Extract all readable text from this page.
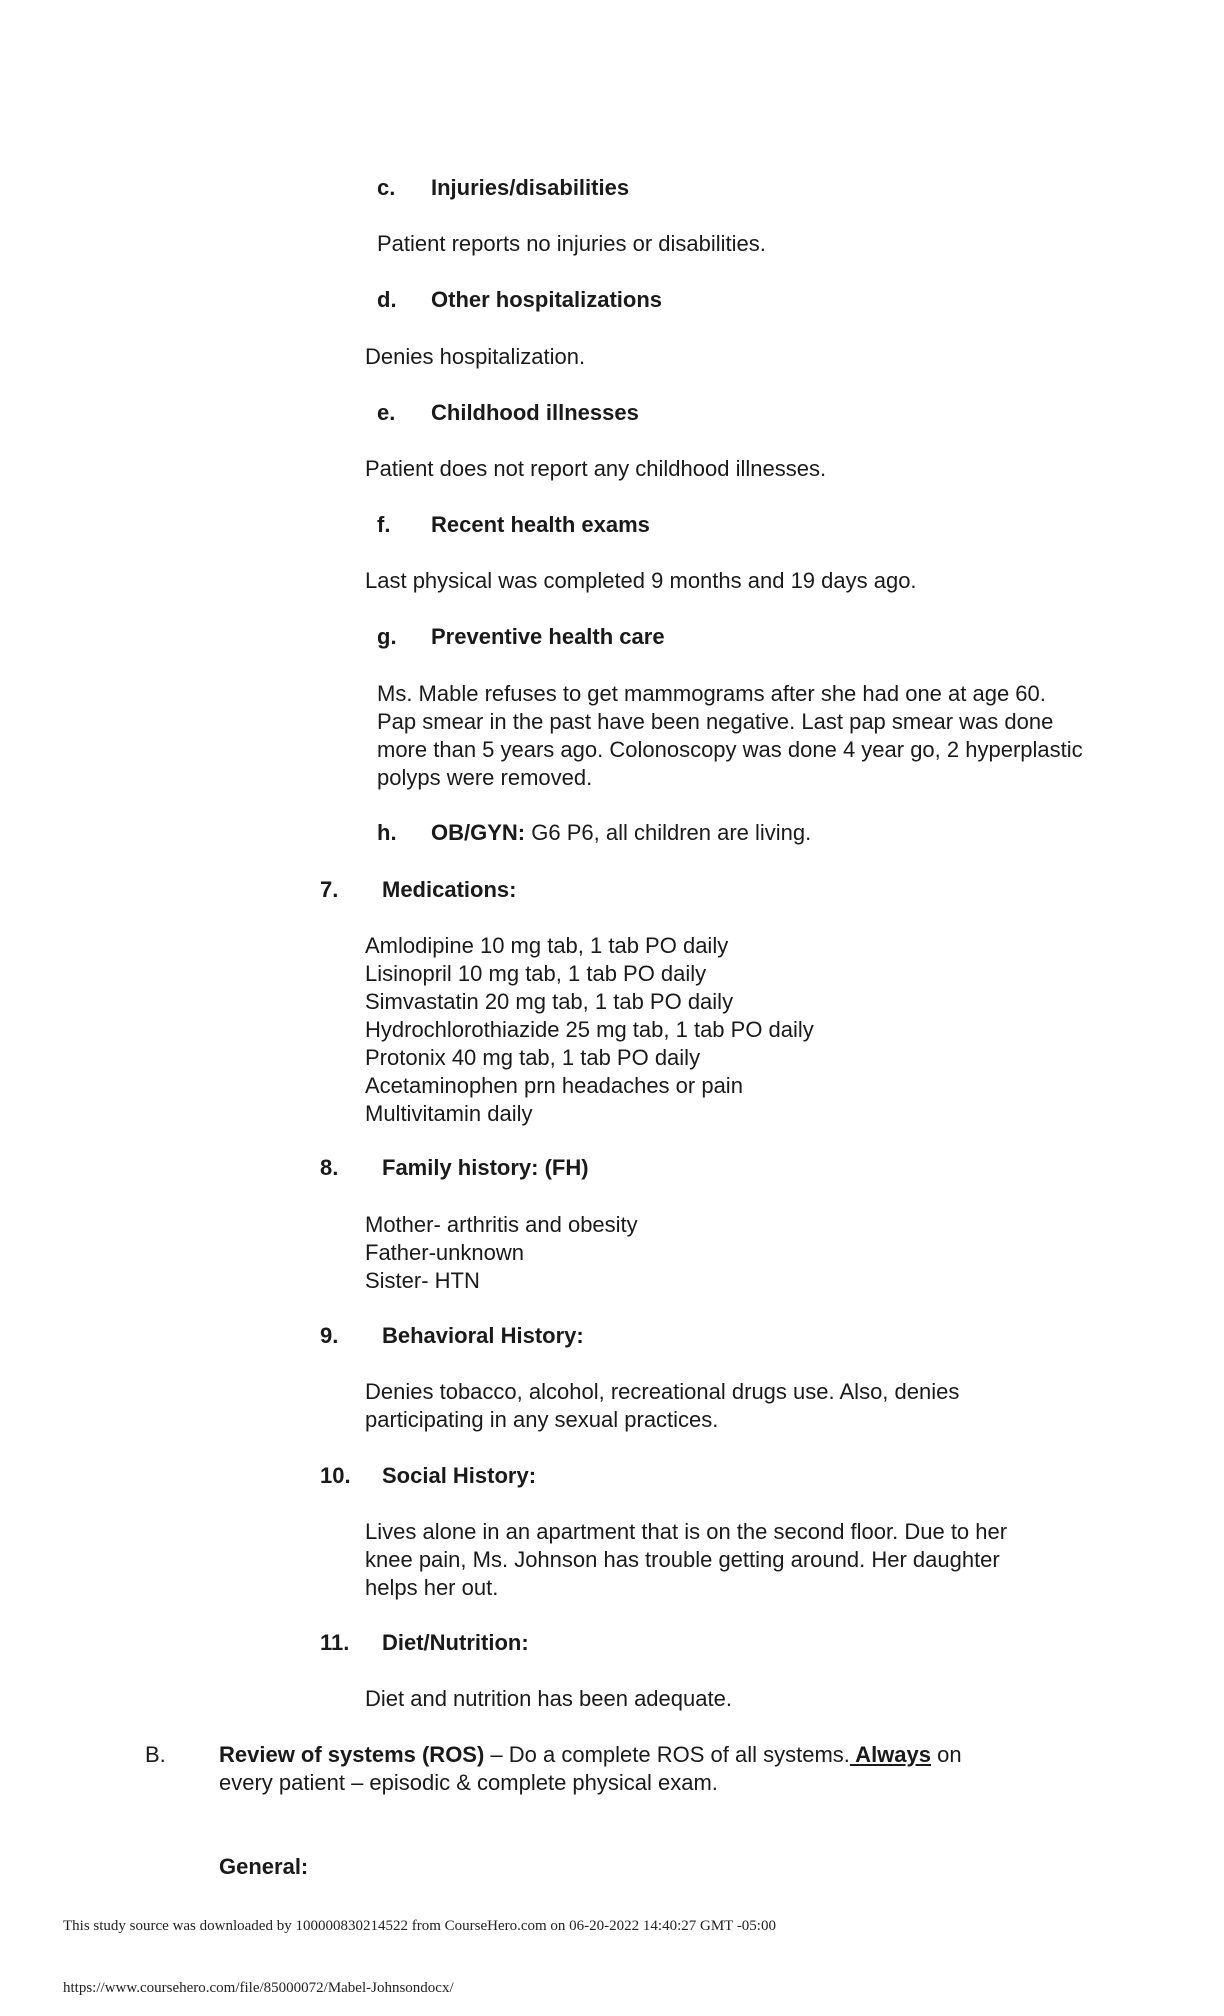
c. Injuries/disabilities
Patient reports no injuries or disabilities.
d. Other hospitalizations
Denies hospitalization.
e. Childhood illnesses
Patient does not report any childhood illnesses.
f. Recent health exams
Last physical was completed 9 months and 19 days ago.
g. Preventive health care
Ms. Mable refuses to get mammograms after she had one at age 60. Pap smear in the past have been negative. Last pap smear was done more than 5 years ago. Colonoscopy was done 4 year go, 2 hyperplastic polyps were removed.
h. OB/GYN: G6 P6, all children are living.
7. Medications:
Amlodipine 10 mg tab, 1 tab PO daily
Lisinopril 10 mg tab, 1 tab PO daily
Simvastatin 20 mg tab, 1 tab PO daily
Hydrochlorothiazide 25 mg tab, 1 tab PO daily
Protonix 40 mg tab, 1 tab PO daily
Acetaminophen prn headaches or pain
Multivitamin daily
8. Family history: (FH)
Mother- arthritis and obesity
Father-unknown
Sister- HTN
9. Behavioral History:
Denies tobacco, alcohol, recreational drugs use. Also, denies
participating in any sexual practices.
10. Social History:
Lives alone in an apartment that is on the second floor. Due to her
knee pain, Ms. Johnson has trouble getting around. Her daughter
helps her out.
11. Diet/Nutrition:
Diet and nutrition has been adequate.
B. Review of systems (ROS) – Do a complete ROS of all systems. Always on
every patient – episodic & complete physical exam.
General:
This study source was downloaded by 100000830214522 from CourseHero.com on 06-20-2022 14:40:27 GMT -05:00
https://www.coursehero.com/file/85000072/Mabel-Johnsondocx/
